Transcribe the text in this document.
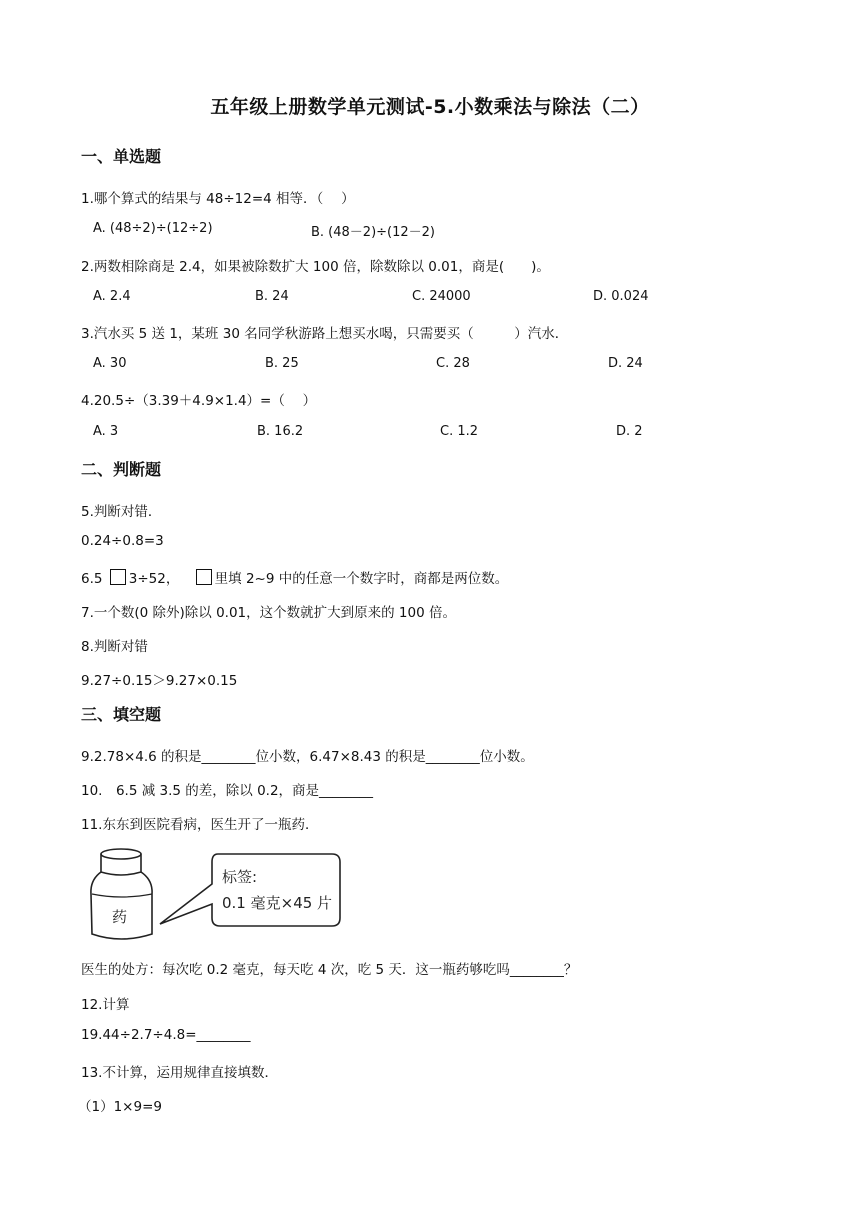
五年级上册数学单元测试-5.小数乘法与除法（二）
一、单选题
1.哪个算式的结果与 48÷12=4 相等．（　 ）
A. (48÷2)÷(12÷2)	B. (48－2)÷(12－2)
2.两数相除商是 2.4，如果被除数扩大 100 倍，除数除以 0.01，商是(　　)。
A. 2.4	B. 24	C. 24000	D. 0.024
3.汽水买 5 送 1，某班 30 名同学秋游路上想买水喝，只需要买（　　　）汽水．
A. 30	B. 25	C. 28	D. 24
4.20.5÷（3.39＋4.9×1.4）=（　 ）
A. 3	B. 16.2	C. 1.2	D. 2
二、判断题
5.判断对错．
0.24÷0.8=3
6.5 3÷52，	里填 2~9 中的任意一个数字时，商都是两位数。
7.一个数(0 除外)除以 0.01，这个数就扩大到原来的 100 倍。
8.判断对错
9.27÷0.15＞9.27×0.15
三、填空题
9.2.78×4.6 的积是________位小数，6.47×8.43 的积是________位小数。
10.　6.5 减 3.5 的差，除以 0.2，商是________
11.东东到医院看病，医生开了一瓶药．
药
标签:
0.1 毫克×45 片
医生的处方：每次吃 0.2 毫克，每天吃 4 次，吃 5 天．这一瓶药够吃吗________？
12.计算
19.44÷2.7÷4.8=________
13.不计算，运用规律直接填数．
（1）1×9=9
